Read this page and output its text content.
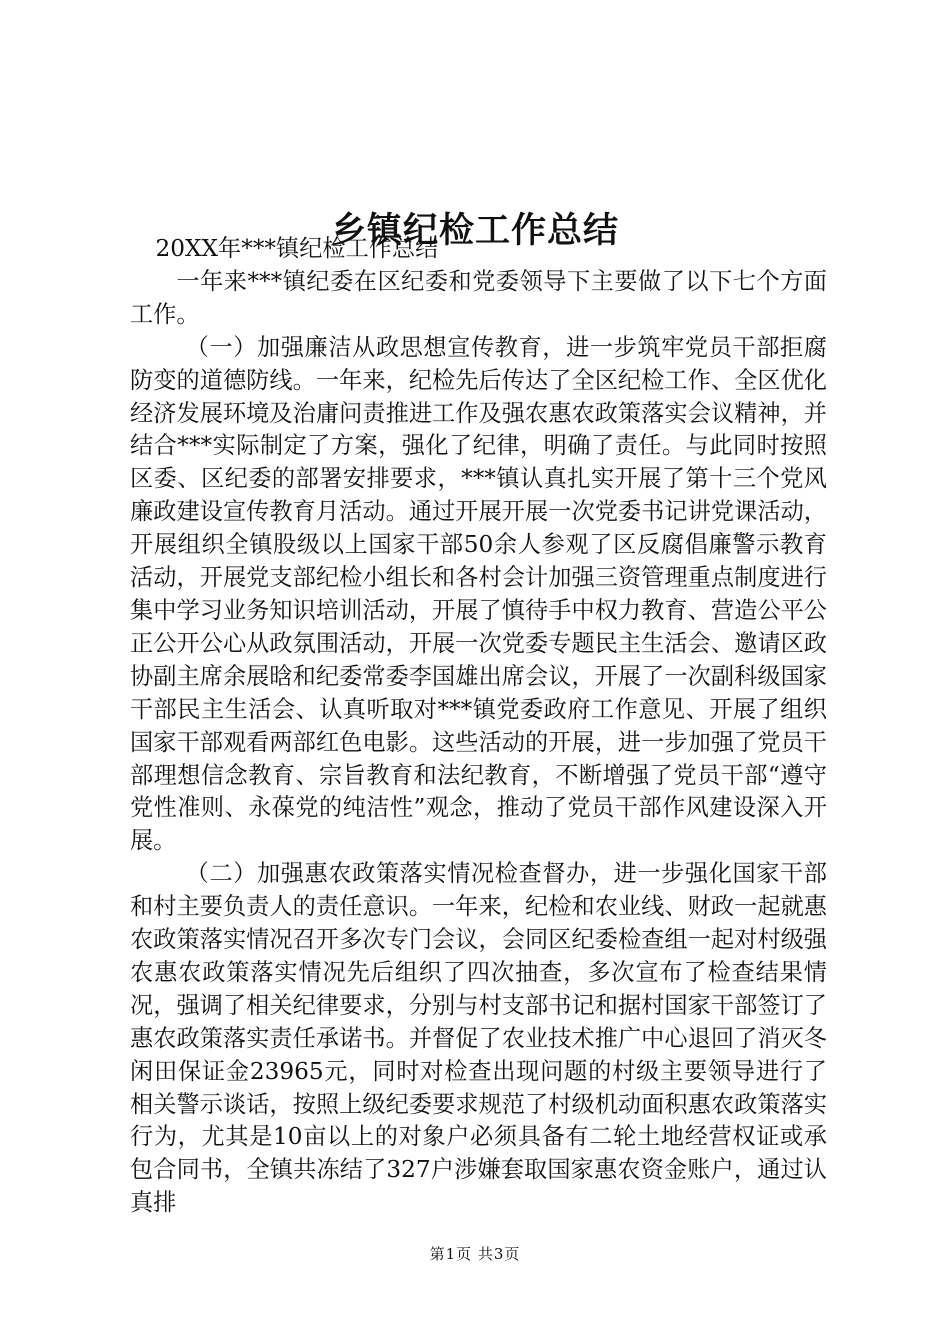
乡镇纪检工作总结

20XX年***镇纪检工作总结

一年来***镇纪委在区纪委和党委领导下主要做了以下七个方面工作。

（一）加强廉洁从政思想宣传教育，进一步筑牢党员干部拒腐防变的道德防线。一年来，纪检先后传达了全区纪检工作、全区优化经济发展环境及治庸问责推进工作及强农惠农政策落实会议精神，并结合***实际制定了方案，强化了纪律，明确了责任。与此同时按照区委、区纪委的部署安排要求，***镇认真扎实开展了第十三个党风廉政建设宣传教育月活动。通过开展开展一次党委书记讲党课活动，开展组织全镇股级以上国家干部50余人参观了区反腐倡廉警示教育活动，开展党支部纪检小组长和各村会计加强三资管理重点制度进行集中学习业务知识培训活动，开展了慎待手中权力教育、营造公平公正公开公心从政氛围活动，开展一次党委专题民主生活会、邀请区政协副主席余展晗和纪委常委李国雄出席会议，开展了一次副科级国家干部民主生活会、认真听取对***镇党委政府工作意见、开展了组织国家干部观看两部红色电影。这些活动的开展，进一步加强了党员干部理想信念教育、宗旨教育和法纪教育，不断增强了党员干部“遵守党性准则、永葆党的纯洁性”观念，推动了党员干部作风建设深入开展。

（二）加强惠农政策落实情况检查督办，进一步强化国家干部和村主要负责人的责任意识。一年来，纪检和农业线、财政一起就惠农政策落实情况召开多次专门会议，会同区纪委检查组一起对村级强农惠农政策落实情况先后组织了四次抽查，多次宣布了检查结果情况，强调了相关纪律要求，分别与村支部书记和据村国家干部签订了惠农政策落实责任承诺书。并督促了农业技术推广中心退回了消灭冬闲田保证金23965元，同时对检查出现问题的村级主要领导进行了相关警示谈话，按照上级纪委要求规范了村级机动面积惠农政策落实行为，尤其是10亩以上的对象户必须具备有二轮土地经营权证或承包合同书，全镇共冻结了327户涉嫌套取国家惠农资金账户，通过认真排

第1页 共3页
